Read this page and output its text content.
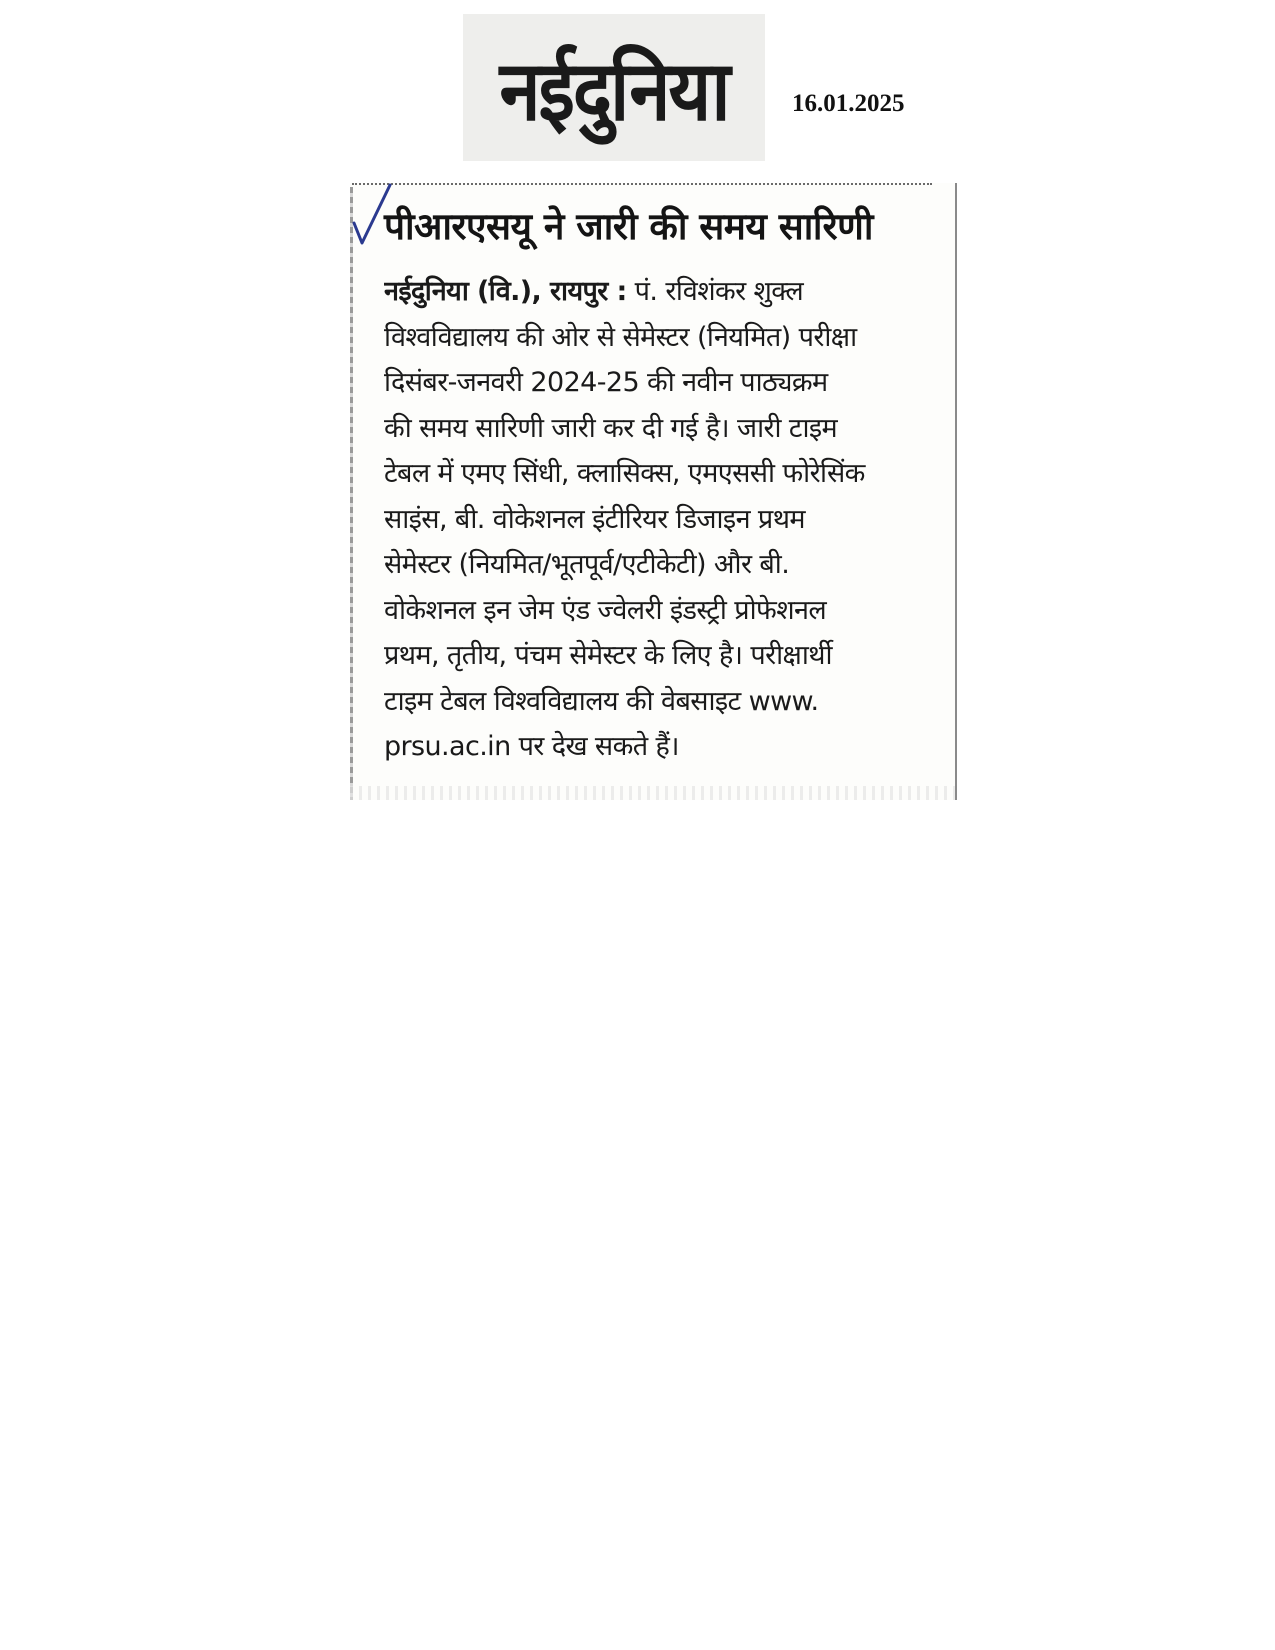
नईदुनिया	16.01.2025
पीआरएसयू ने जारी की समय सारिणी
नईदुनिया (वि.), रायपुर : पं. रविशंकर शुक्ल
विश्वविद्यालय की ओर से सेमेस्टर (नियमित) परीक्षा
दिसंबर-जनवरी 2024-25 की नवीन पाठ्यक्रम
की समय सारिणी जारी कर दी गई है। जारी टाइम
टेबल में एमए सिंधी, क्लासिक्स, एमएससी फोरेसिंक
साइंस, बी. वोकेशनल इंटीरियर डिजाइन प्रथम
सेमेस्टर (नियमित/भूतपूर्व/एटीकेटी) और बी.
वोकेशनल इन जेम एंड ज्वेलरी इंडस्ट्री प्रोफेशनल
प्रथम, तृतीय, पंचम सेमेस्टर के लिए है। परीक्षार्थी
टाइम टेबल विश्वविद्यालय की वेबसाइट www.
prsu.ac.in पर देख सकते हैं।
